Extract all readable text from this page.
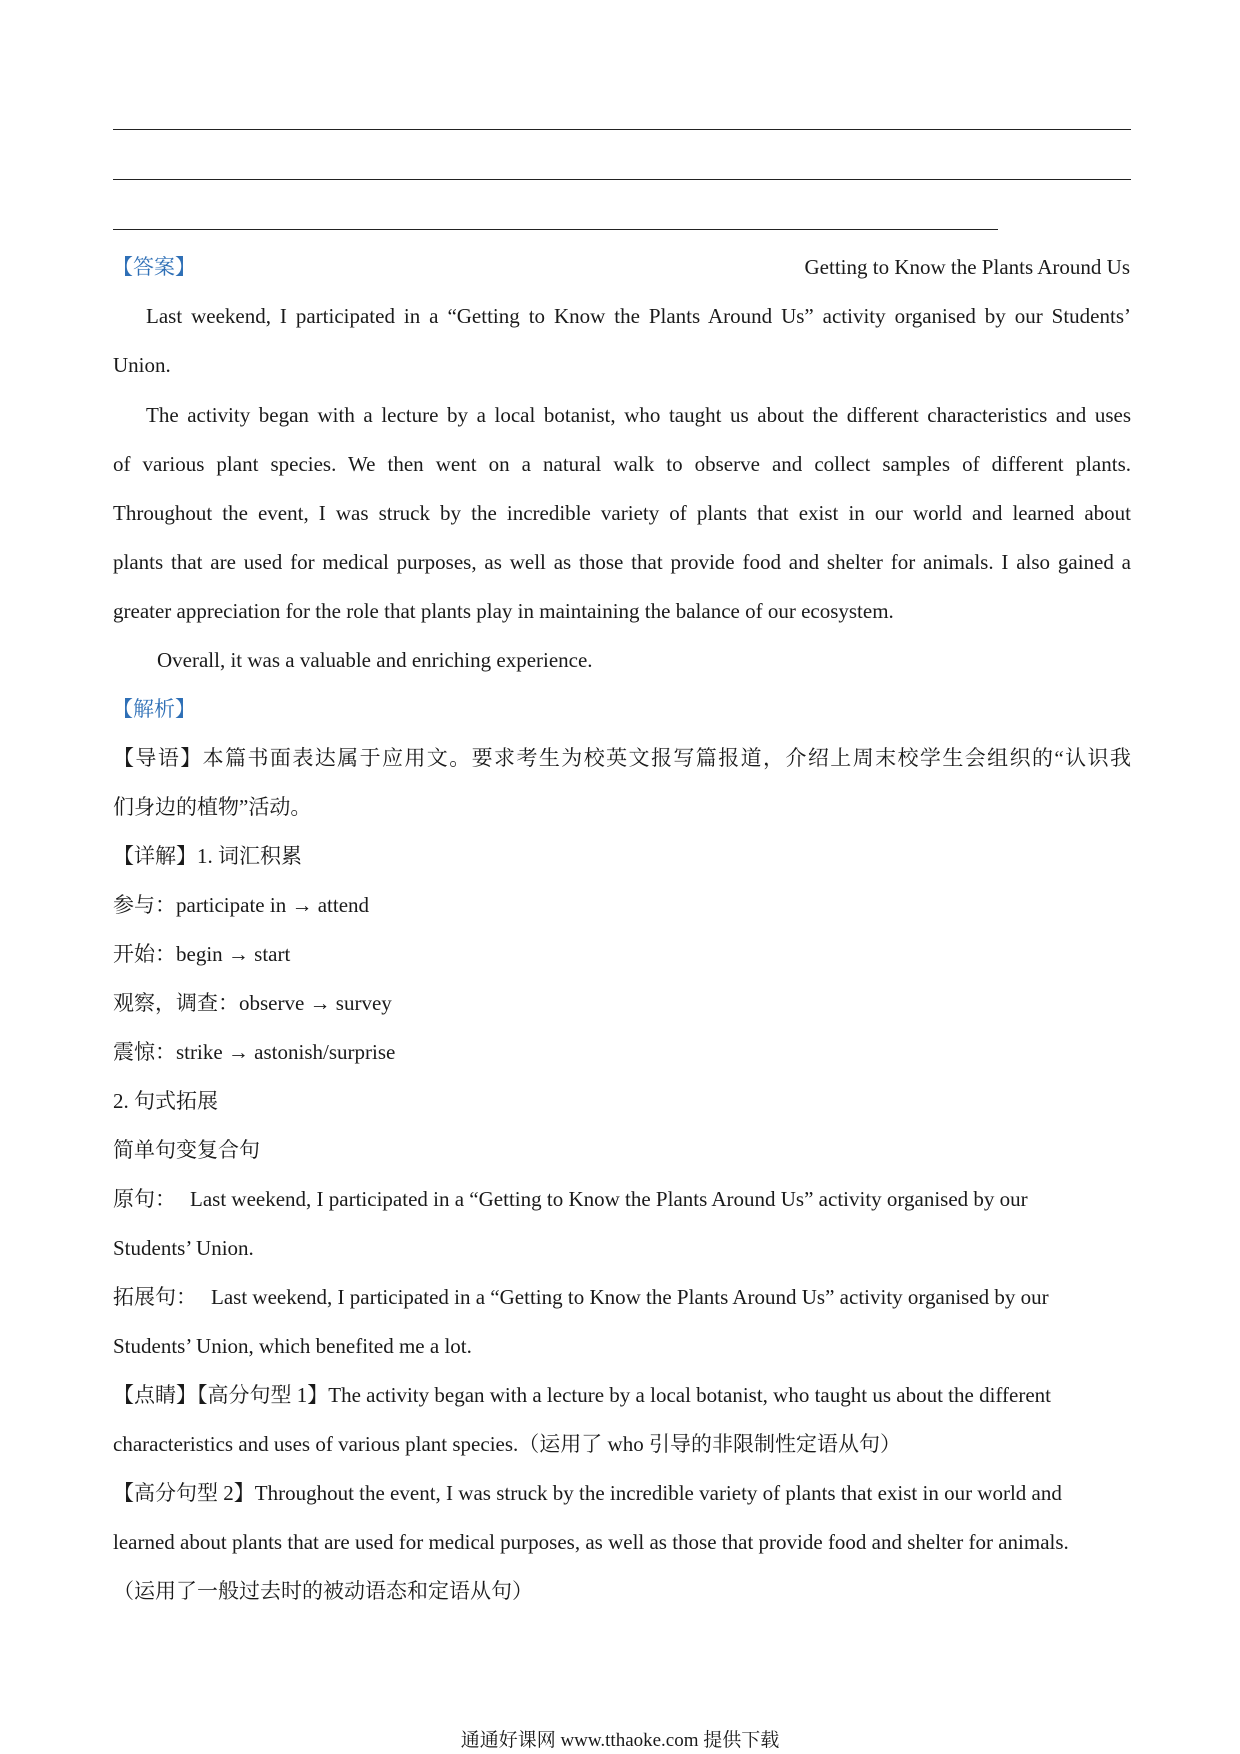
【答案】	Getting to Know the Plants Around Us
Last weekend, I participated in a “Getting to Know the Plants Around Us” activity organised by our Students’
Union.
The activity began with a lecture by a local botanist, who taught us about the different characteristics and uses
of various plant species. We then went on a natural walk to observe and collect samples of different plants.
Throughout the event, I was struck by the incredible variety of plants that exist in our world and learned about
plants that are used for medical purposes, as well as those that provide food and shelter for animals. I also gained a
greater appreciation for the role that plants play in maintaining the balance of our ecosystem.
Overall, it was a valuable and enriching experience.
【解析】
【导语】本篇书面表达属于应用文。要求考生为校英文报写篇报道，介绍上周末校学生会组织的“认识我
们身边的植物”活动。
【详解】1. 词汇积累
参与：participate in → attend
开始：begin → start
观察，调查：observe → survey
震惊：strike → astonish/surprise
2. 句式拓展
简单句变复合句
原句： Last weekend, I participated in a “Getting to Know the Plants Around Us” activity organised by our
Students’ Union.
拓展句： Last weekend, I participated in a “Getting to Know the Plants Around Us” activity organised by our
Students’ Union, which benefited me a lot.
【点睛】【高分句型 1】The activity began with a lecture by a local botanist, who taught us about the different
characteristics and uses of various plant species.（运用了 who 引导的非限制性定语从句）
【高分句型 2】Throughout the event, I was struck by the incredible variety of plants that exist in our world and
learned about plants that are used for medical purposes, as well as those that provide food and shelter for animals.
（运用了一般过去时的被动语态和定语从句）
通通好课网 www.tthaoke.com 提供下载
